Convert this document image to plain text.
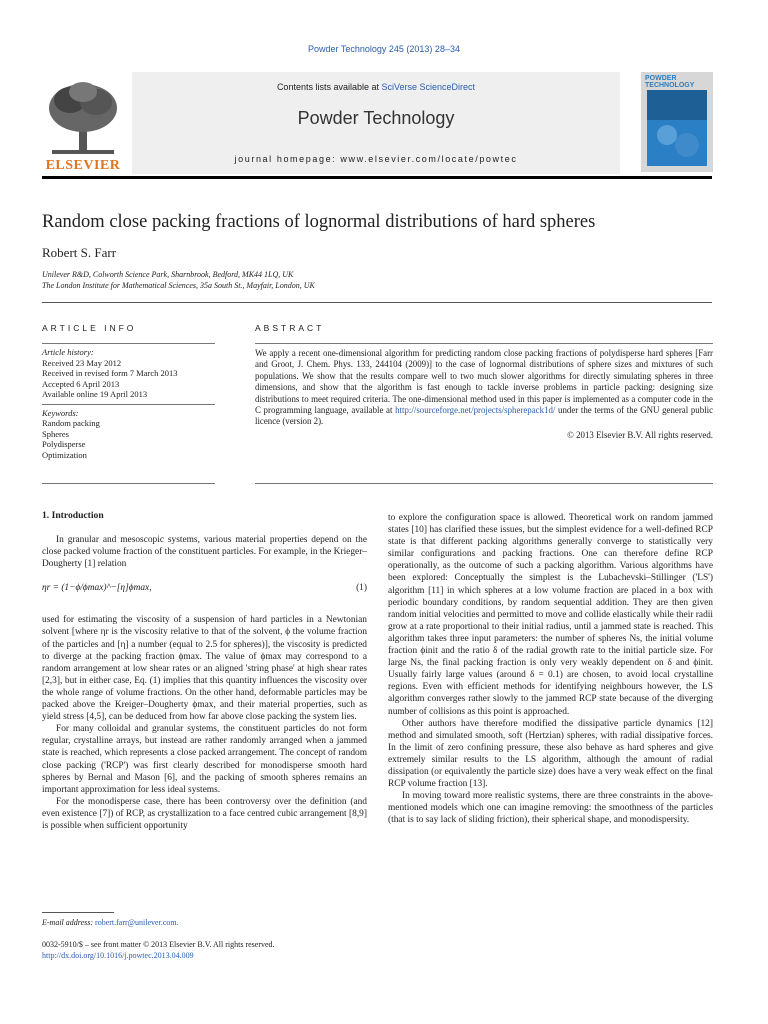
Powder Technology 245 (2013) 28–34
ELSEVIER
Contents lists available at SciVerse ScienceDirect
Powder Technology
journal homepage: www.elsevier.com/locate/powtec
POWDER TECHNOLOGY
Random close packing fractions of lognormal distributions of hard spheres
Robert S. Farr
Unilever R&D, Colworth Science Park, Sharnbrook, Bedford, MK44 1LQ, UK
The London Institute for Mathematical Sciences, 35a South St., Mayfair, London, UK
ARTICLE INFO	ABSTRACT
Article history:
Received 23 May 2012
Received in revised form 7 March 2013
Accepted 6 April 2013
Available online 19 April 2013
Keywords:
Random packing
Spheres
Polydisperse
Optimization
We apply a recent one-dimensional algorithm for predicting random close packing fractions of polydisperse hard spheres [Farr and Groot, J. Chem. Phys. 133, 244104 (2009)] to the case of lognormal distributions of sphere sizes and mixtures of such populations. We show that the results compare well to two much slower algorithms for directly simulating spheres in three dimensions, and show that the algorithm is fast enough to tackle inverse problems in particle packing: designing size distributions to meet required criteria. The one-dimensional method used in this paper is implemented as a computer code in the C programming language, available at http://sourceforge.net/projects/spherepack1d/ under the terms of the GNU general public licence (version 2).
© 2013 Elsevier B.V. All rights reserved.
1. Introduction

In granular and mesoscopic systems, various material properties depend on the close packed volume fraction of the constituent particles. For example, in the Krieger–Dougherty [1] relation

ηr = (1−ϕ/ϕmax)^−[η]ϕmax,	(1)

used for estimating the viscosity of a suspension of hard particles in a Newtonian solvent [where ηr is the viscosity relative to that of the solvent, ϕ the volume fraction of the particles and [η] a number (equal to 2.5 for spheres)], the viscosity is predicted to diverge at the packing fraction ϕmax. The value of ϕmax may correspond to a random arrangement at low shear rates or an aligned 'string phase' at high shear rates [2,3], but in either case, Eq. (1) implies that this quantity influences the viscosity over the whole range of volume fractions. On the other hand, deformable particles may be packed above the Kreiger–Dougherty ϕmax, and their material properties, such as yield stress [4,5], can be deduced from how far above close packing the system lies.

For many colloidal and granular systems, the constituent particles do not form regular, crystalline arrays, but instead are rather randomly arranged when a jammed state is reached, which represents a close packed arrangement. The concept of random close packing ('RCP') was first clearly described for monodisperse smooth hard spheres by Bernal and Mason [6], and the packing of smooth spheres remains an important approximation for less ideal systems.

For the monodisperse case, there has been controversy over the definition (and even existence [7]) of RCP, as crystallization to a face centred cubic arrangement [8,9] is possible when sufficient opportunity

to explore the configuration space is allowed. Theoretical work on random jammed states [10] has clarified these issues, but the simplest evidence for a well-defined RCP state is that different packing algorithms generally converge to statistically very similar configurations and packing fractions. One can therefore define RCP operationally, as the outcome of such a packing algorithm. Various algorithms have been explored: Conceptually the simplest is the Lubachevski–Stillinger ('LS') algorithm [11] in which spheres at a low volume fraction are placed in a box with periodic boundary conditions, by random sequential addition. They are then given random initial velocities and permitted to move and collide elastically while their radii grow at a rate proportional to their initial radius, until a jammed state is reached. This algorithm takes three input parameters: the number of spheres Ns, the initial volume fraction ϕinit and the ratio δ of the radial growth rate to the initial particle size. For large Ns, the final packing fraction is only very weakly dependent on δ and ϕinit. Usually fairly large values (around δ = 0.1) are chosen, to avoid local crystalline regions. Even with efficient methods for identifying neighbours however, the LS algorithm converges rather slowly to the jammed RCP state because of the diverging number of collisions as this point is approached.

Other authors have therefore modified the dissipative particle dynamics [12] method and simulated smooth, soft (Hertzian) spheres, with radial dissipative forces. In the limit of zero confining pressure, these also behave as hard spheres and give extremely similar results to the LS algorithm, although the amount of radial dissipation (or equivalently the particle size) does have a very weak effect on the final RCP volume fraction [13].

In moving toward more realistic systems, there are three constraints in the above-mentioned models which one can imagine removing: the smoothness of the particles (that is to say lack of sliding friction), their spherical shape, and monodispersity.

E-mail address: robert.farr@unilever.com.
0032-5910/$ – see front matter © 2013 Elsevier B.V. All rights reserved.
http://dx.doi.org/10.1016/j.powtec.2013.04.009
